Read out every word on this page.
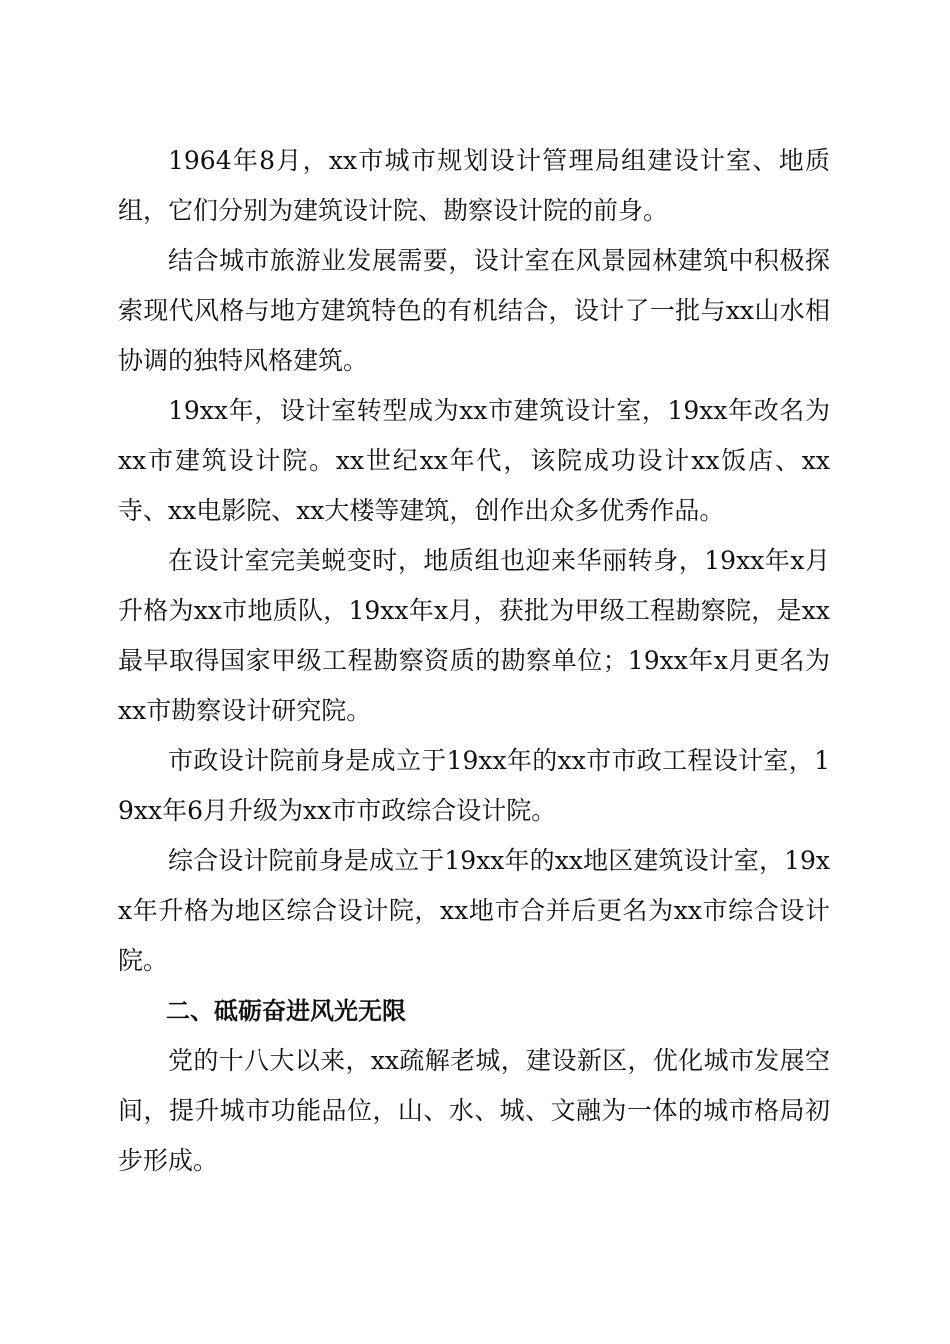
1964年8月，xx市城市规划设计管理局组建设计室、地质组，它们分别为建筑设计院、勘察设计院的前身。

结合城市旅游业发展需要，设计室在风景园林建筑中积极探索现代风格与地方建筑特色的有机结合，设计了一批与xx山水相协调的独特风格建筑。

19xx年，设计室转型成为xx市建筑设计室，19xx年改名为xx市建筑设计院。xx世纪xx年代，该院成功设计xx饭店、xx寺、xx电影院、xx大楼等建筑，创作出众多优秀作品。

在设计室完美蜕变时，地质组也迎来华丽转身，19xx年x月升格为xx市地质队，19xx年x月，获批为甲级工程勘察院，是xx最早取得国家甲级工程勘察资质的勘察单位；19xx年x月更名为xx市勘察设计研究院。

市政设计院前身是成立于19xx年的xx市市政工程设计室，19xx年6月升级为xx市市政综合设计院。

综合设计院前身是成立于19xx年的xx地区建筑设计室，19xx年升格为地区综合设计院，xx地市合并后更名为xx市综合设计院。

二、砥砺奋进风光无限

党的十八大以来，xx疏解老城，建设新区，优化城市发展空间，提升城市功能品位，山、水、城、文融为一体的城市格局初步形成。
